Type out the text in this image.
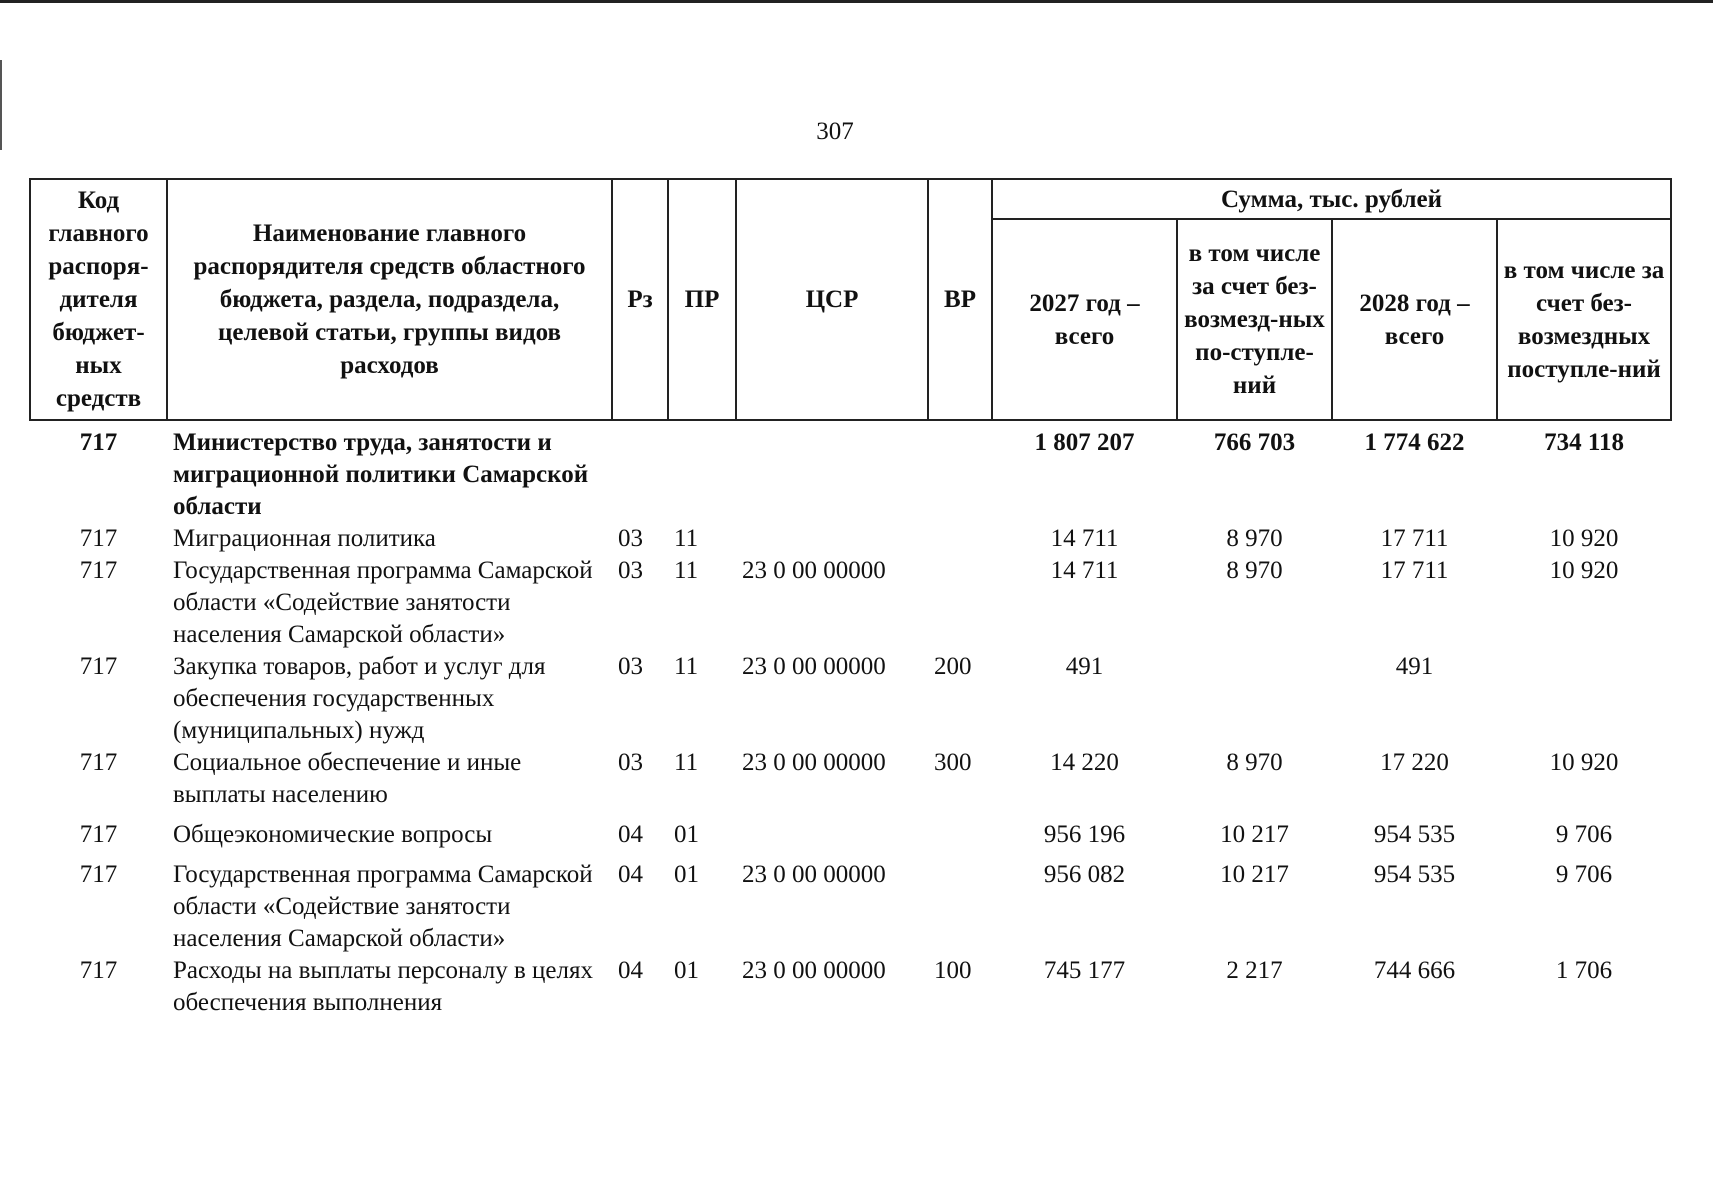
307
Код главного распоря-дителя бюджет-ных средств	Наименование главного распорядителя средств областного бюджета, раздела, подраздела, целевой статьи, группы видов расходов	Рз	ПР	ЦСР	ВР	Сумма, тыс. рублей			
						2027 год – всего	в том числе за счет без-возмезд-ных по-ступле-ний	2028 год – всего	в том числе за счет без-возмездных поступле-ний
717	Министерство труда, занятости и миграционной политики Самарской области					1 807 207	766 703	1 774 622	734 118
717	Миграционная политика	03	11			14 711	8 970	17 711	10 920
717	Государственная программа Самарской области «Содействие занятости населения Самарской области»	03	11	23 0 00 00000		14 711	8 970	17 711	10 920
717	Закупка товаров, работ и услуг для обеспечения государственных (муниципальных) нужд	03	11	23 0 00 00000	200	491		491	
717	Социальное обеспечение и иные выплаты населению	03	11	23 0 00 00000	300	14 220	8 970	17 220	10 920
717	Общеэкономические вопросы	04	01			956 196	10 217	954 535	9 706
717	Государственная программа Самарской области «Содействие занятости населения Самарской области»	04	01	23 0 00 00000		956 082	10 217	954 535	9 706
717	Расходы на выплаты персоналу в целях обеспечения выполнения	04	01	23 0 00 00000	100	745 177	2 217	744 666	1 706
